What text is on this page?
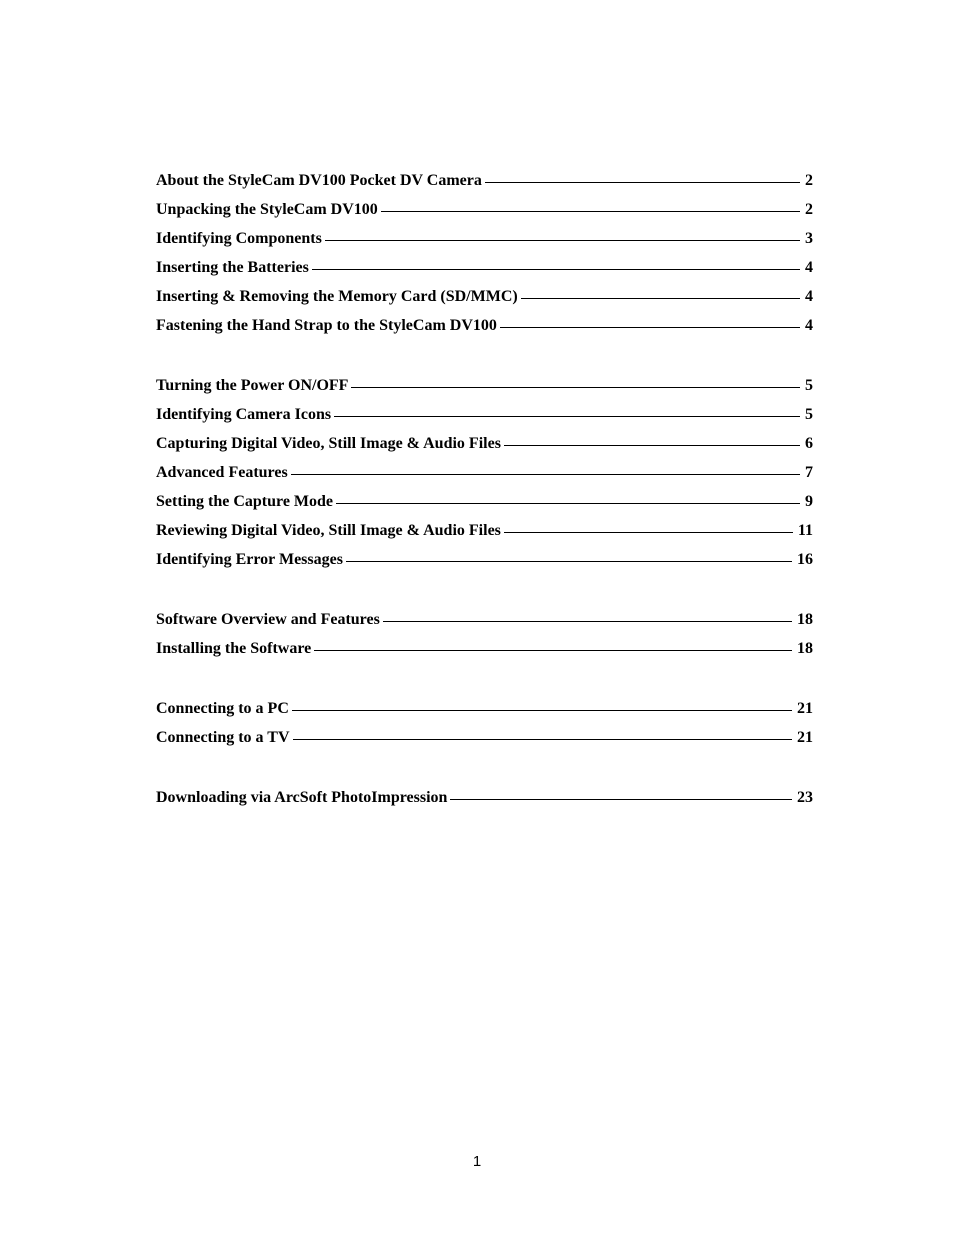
About the StyleCam DV100 Pocket DV Camera	2
Unpacking the StyleCam DV100	2
Identifying Components	3
Inserting the Batteries	4
Inserting & Removing the Memory Card (SD/MMC)	4
Fastening the Hand Strap to the StyleCam DV100	4
Turning the Power ON/OFF	5
Identifying Camera Icons	5
Capturing Digital Video, Still Image & Audio Files	6
Advanced Features	7
Setting the Capture Mode	9
Reviewing Digital Video, Still Image & Audio Files	11
Identifying Error Messages	16
Software Overview and Features	18
Installing the Software	18
Connecting to a PC	21
Connecting to a TV	21
Downloading via ArcSoft PhotoImpression	23
1
